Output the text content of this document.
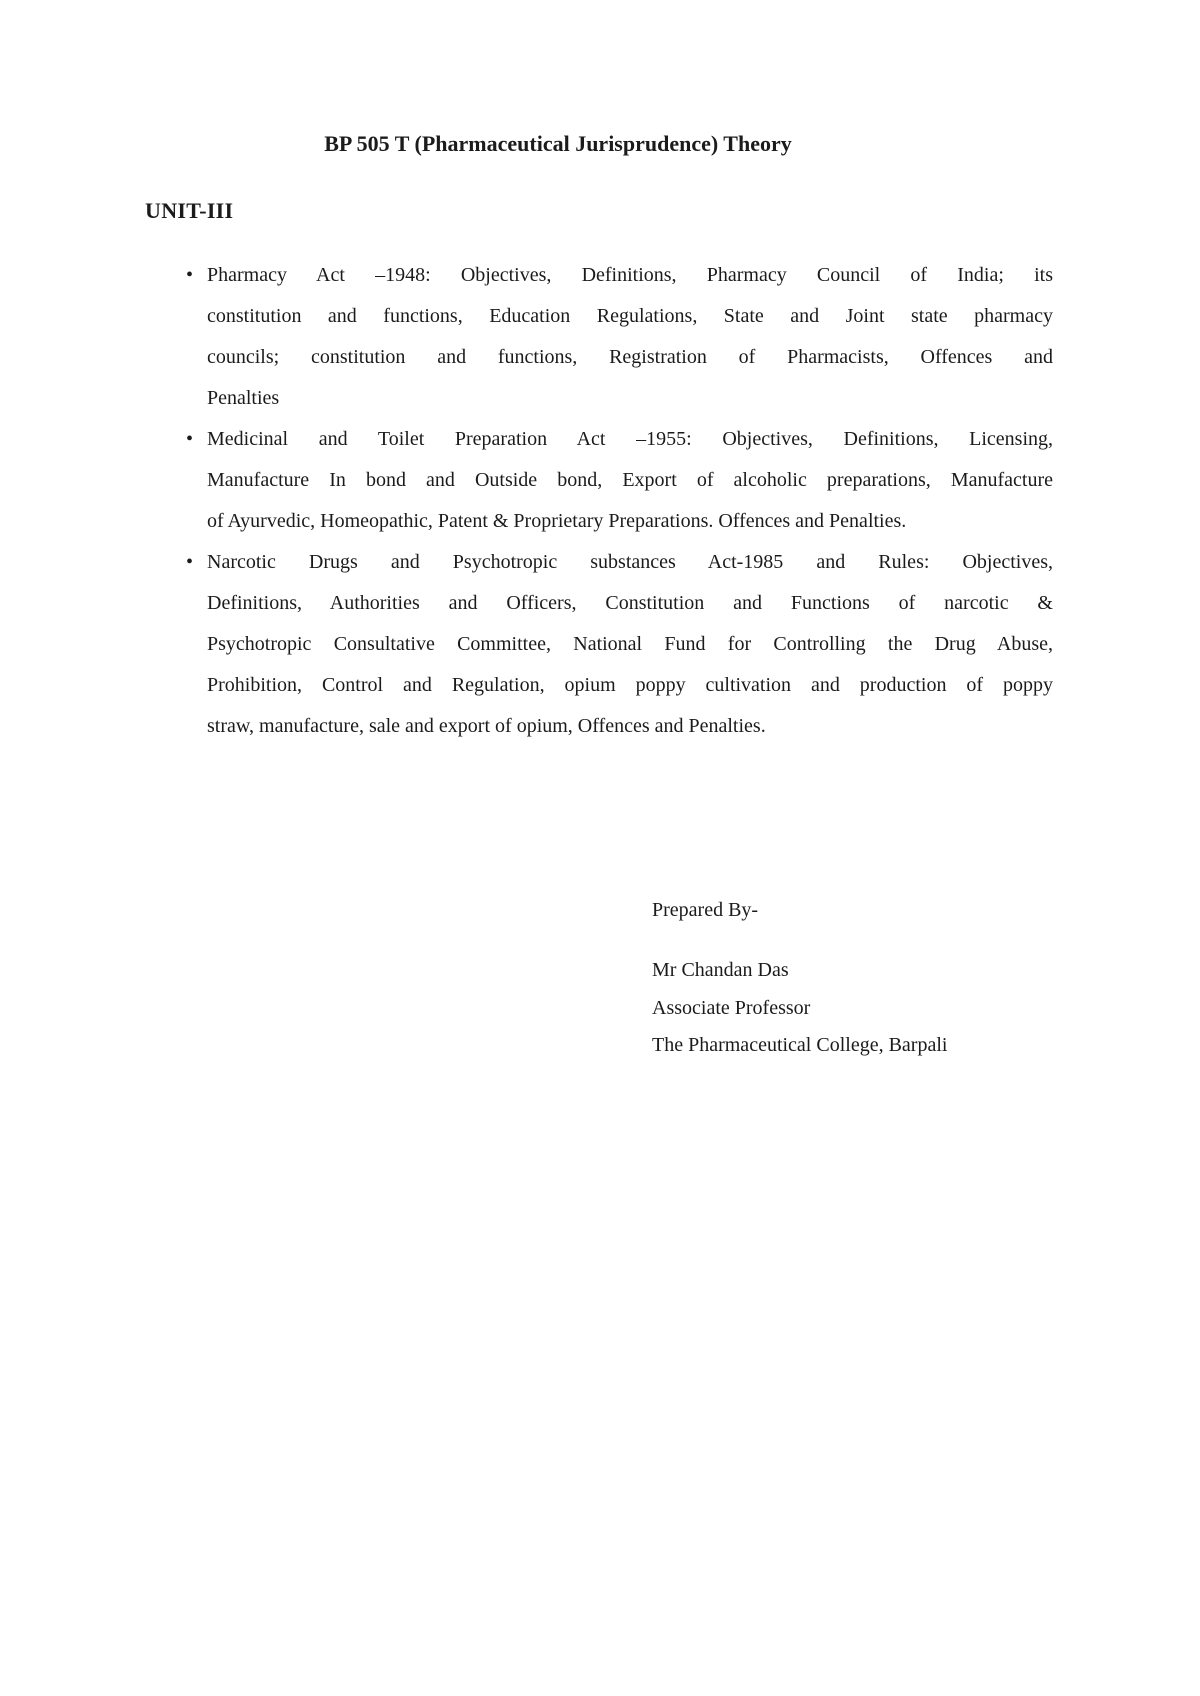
BP 505 T (Pharmaceutical Jurisprudence) Theory
UNIT-III
• Pharmacy Act –1948: Objectives, Definitions, Pharmacy Council of India; its
constitution and functions, Education Regulations, State and Joint state pharmacy
councils; constitution and functions, Registration of Pharmacists, Offences and
Penalties
• Medicinal and Toilet Preparation Act –1955: Objectives, Definitions, Licensing,
Manufacture In bond and Outside bond, Export of alcoholic preparations, Manufacture
of Ayurvedic, Homeopathic, Patent & Proprietary Preparations. Offences and Penalties.
• Narcotic Drugs and Psychotropic substances Act-1985 and Rules: Objectives,
Definitions, Authorities and Officers, Constitution and Functions of narcotic &
Psychotropic Consultative Committee, National Fund for Controlling the Drug Abuse,
Prohibition, Control and Regulation, opium poppy cultivation and production of poppy
straw, manufacture, sale and export of opium, Offences and Penalties.
Prepared By-
Mr Chandan Das
Associate Professor
The Pharmaceutical College, Barpali
